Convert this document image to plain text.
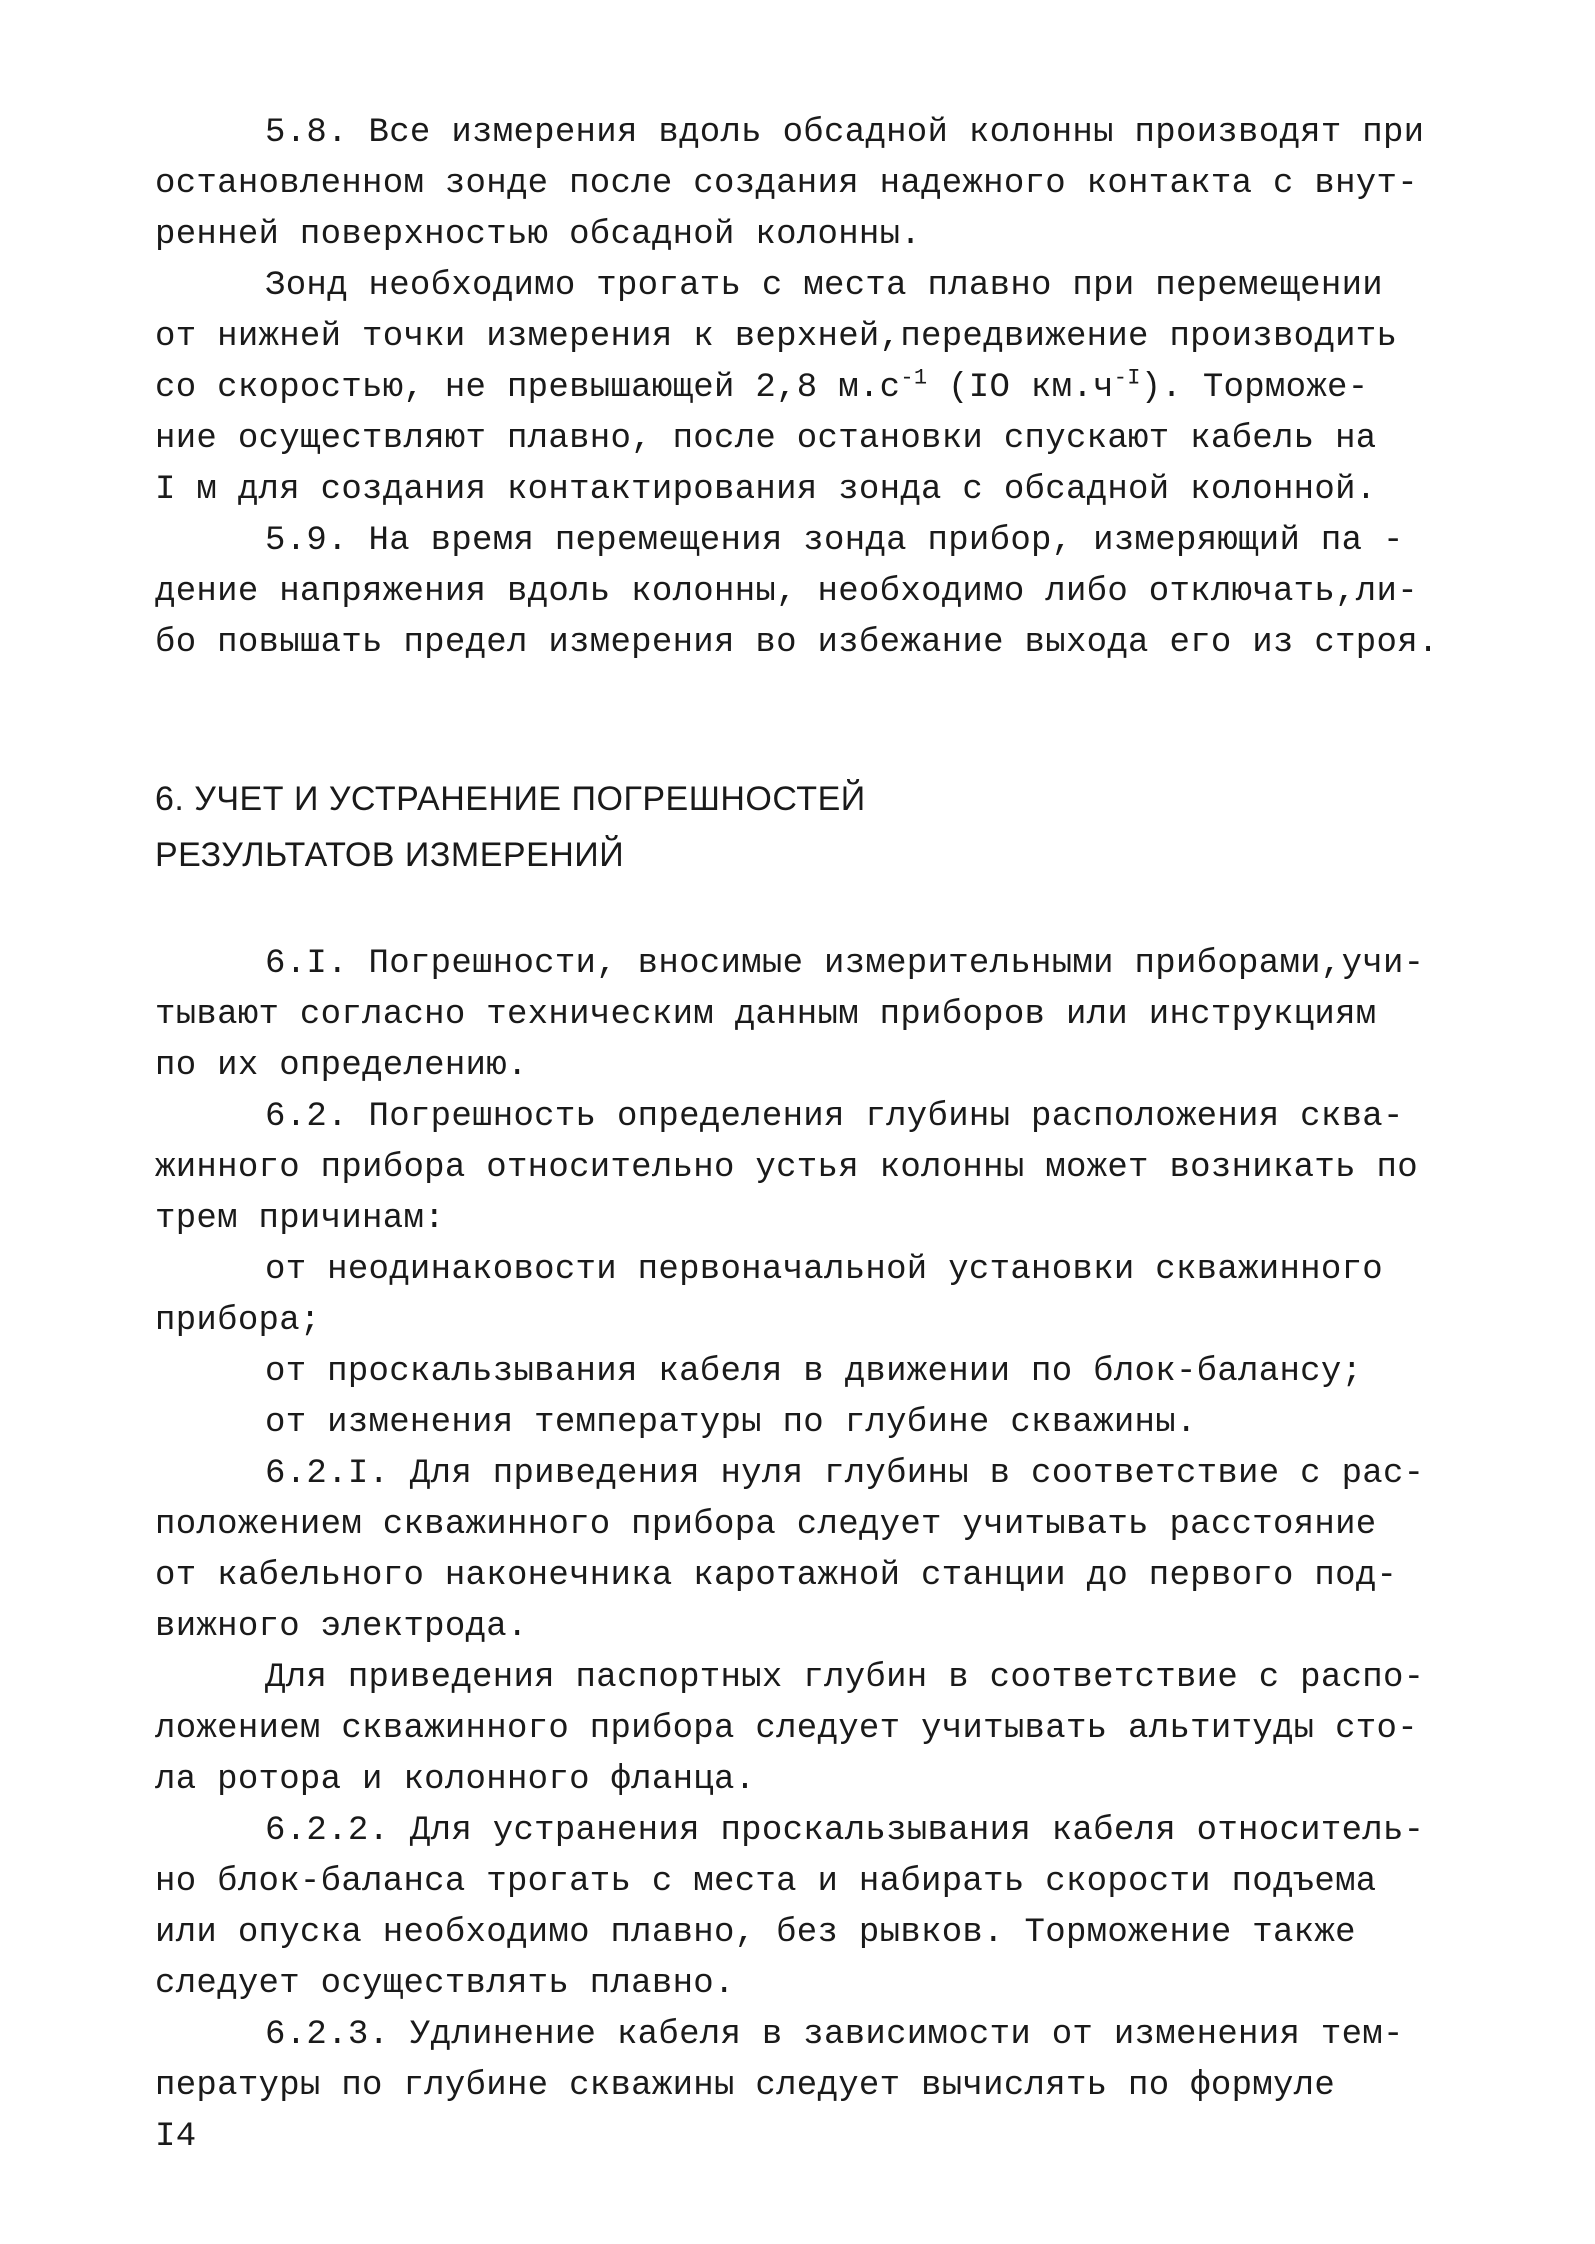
5.8. Все измерения вдоль обсадной колонны производят при
остановленном зонде после создания надежного контакта с внут-
ренней поверхностью обсадной колонны.

Зонд необходимо трогать с места плавно при перемещении
от нижней точки измерения к верхней,передвижение производить
со скоростью, не превышающей 2,8 $м.с^{-1}$ (IO $км.ч^{-I}$). Торможе-
ние осуществляют плавно, после остановки спускают кабель на
I м для создания контактирования зонда с обсадной колонной.

5.9. На время перемещения зонда прибор, измеряющий па -
дение напряжения вдоль колонны, необходимо либо отключать,ли-
бо повышать предел измерения во избежание выхода его из строя.

6. УЧЕТ И УСТРАНЕНИЕ ПОГРЕШНОСТЕЙ
РЕЗУЛЬТАТОВ ИЗМЕРЕНИЙ

6.I. Погрешности, вносимые измерительными приборами,учи-
тывают согласно техническим данным приборов или инструкциям
по их определению.

6.2. Погрешность определения глубины расположения сква-
жинного прибора относительно устья колонны может возникать по
трем причинам:

от неодинаковости первоначальной установки скважинного
прибора;

от проскальзывания кабеля в движении по блок-балансу;

от изменения температуры по глубине скважины.

6.2.I. Для приведения нуля глубины в соответствие с рас-
положением скважинного прибора следует учитывать расстояние
от кабельного наконечника каротажной станции до первого под-
вижного электрода.

Для приведения паспортных глубин в соответствие с распо-
ложением скважинного прибора следует учитывать альтитуды сто-
ла ротора и колонного фланца.

6.2.2. Для устранения проскальзывания кабеля относитель-
но блок-баланса трогать с места и набирать скорости подъема
или опуска необходимо плавно, без рывков. Торможение также
следует осуществлять плавно.

6.2.3. Удлинение кабеля в зависимости от изменения тем-
пературы по глубине скважины следует вычислять по формуле

I4
